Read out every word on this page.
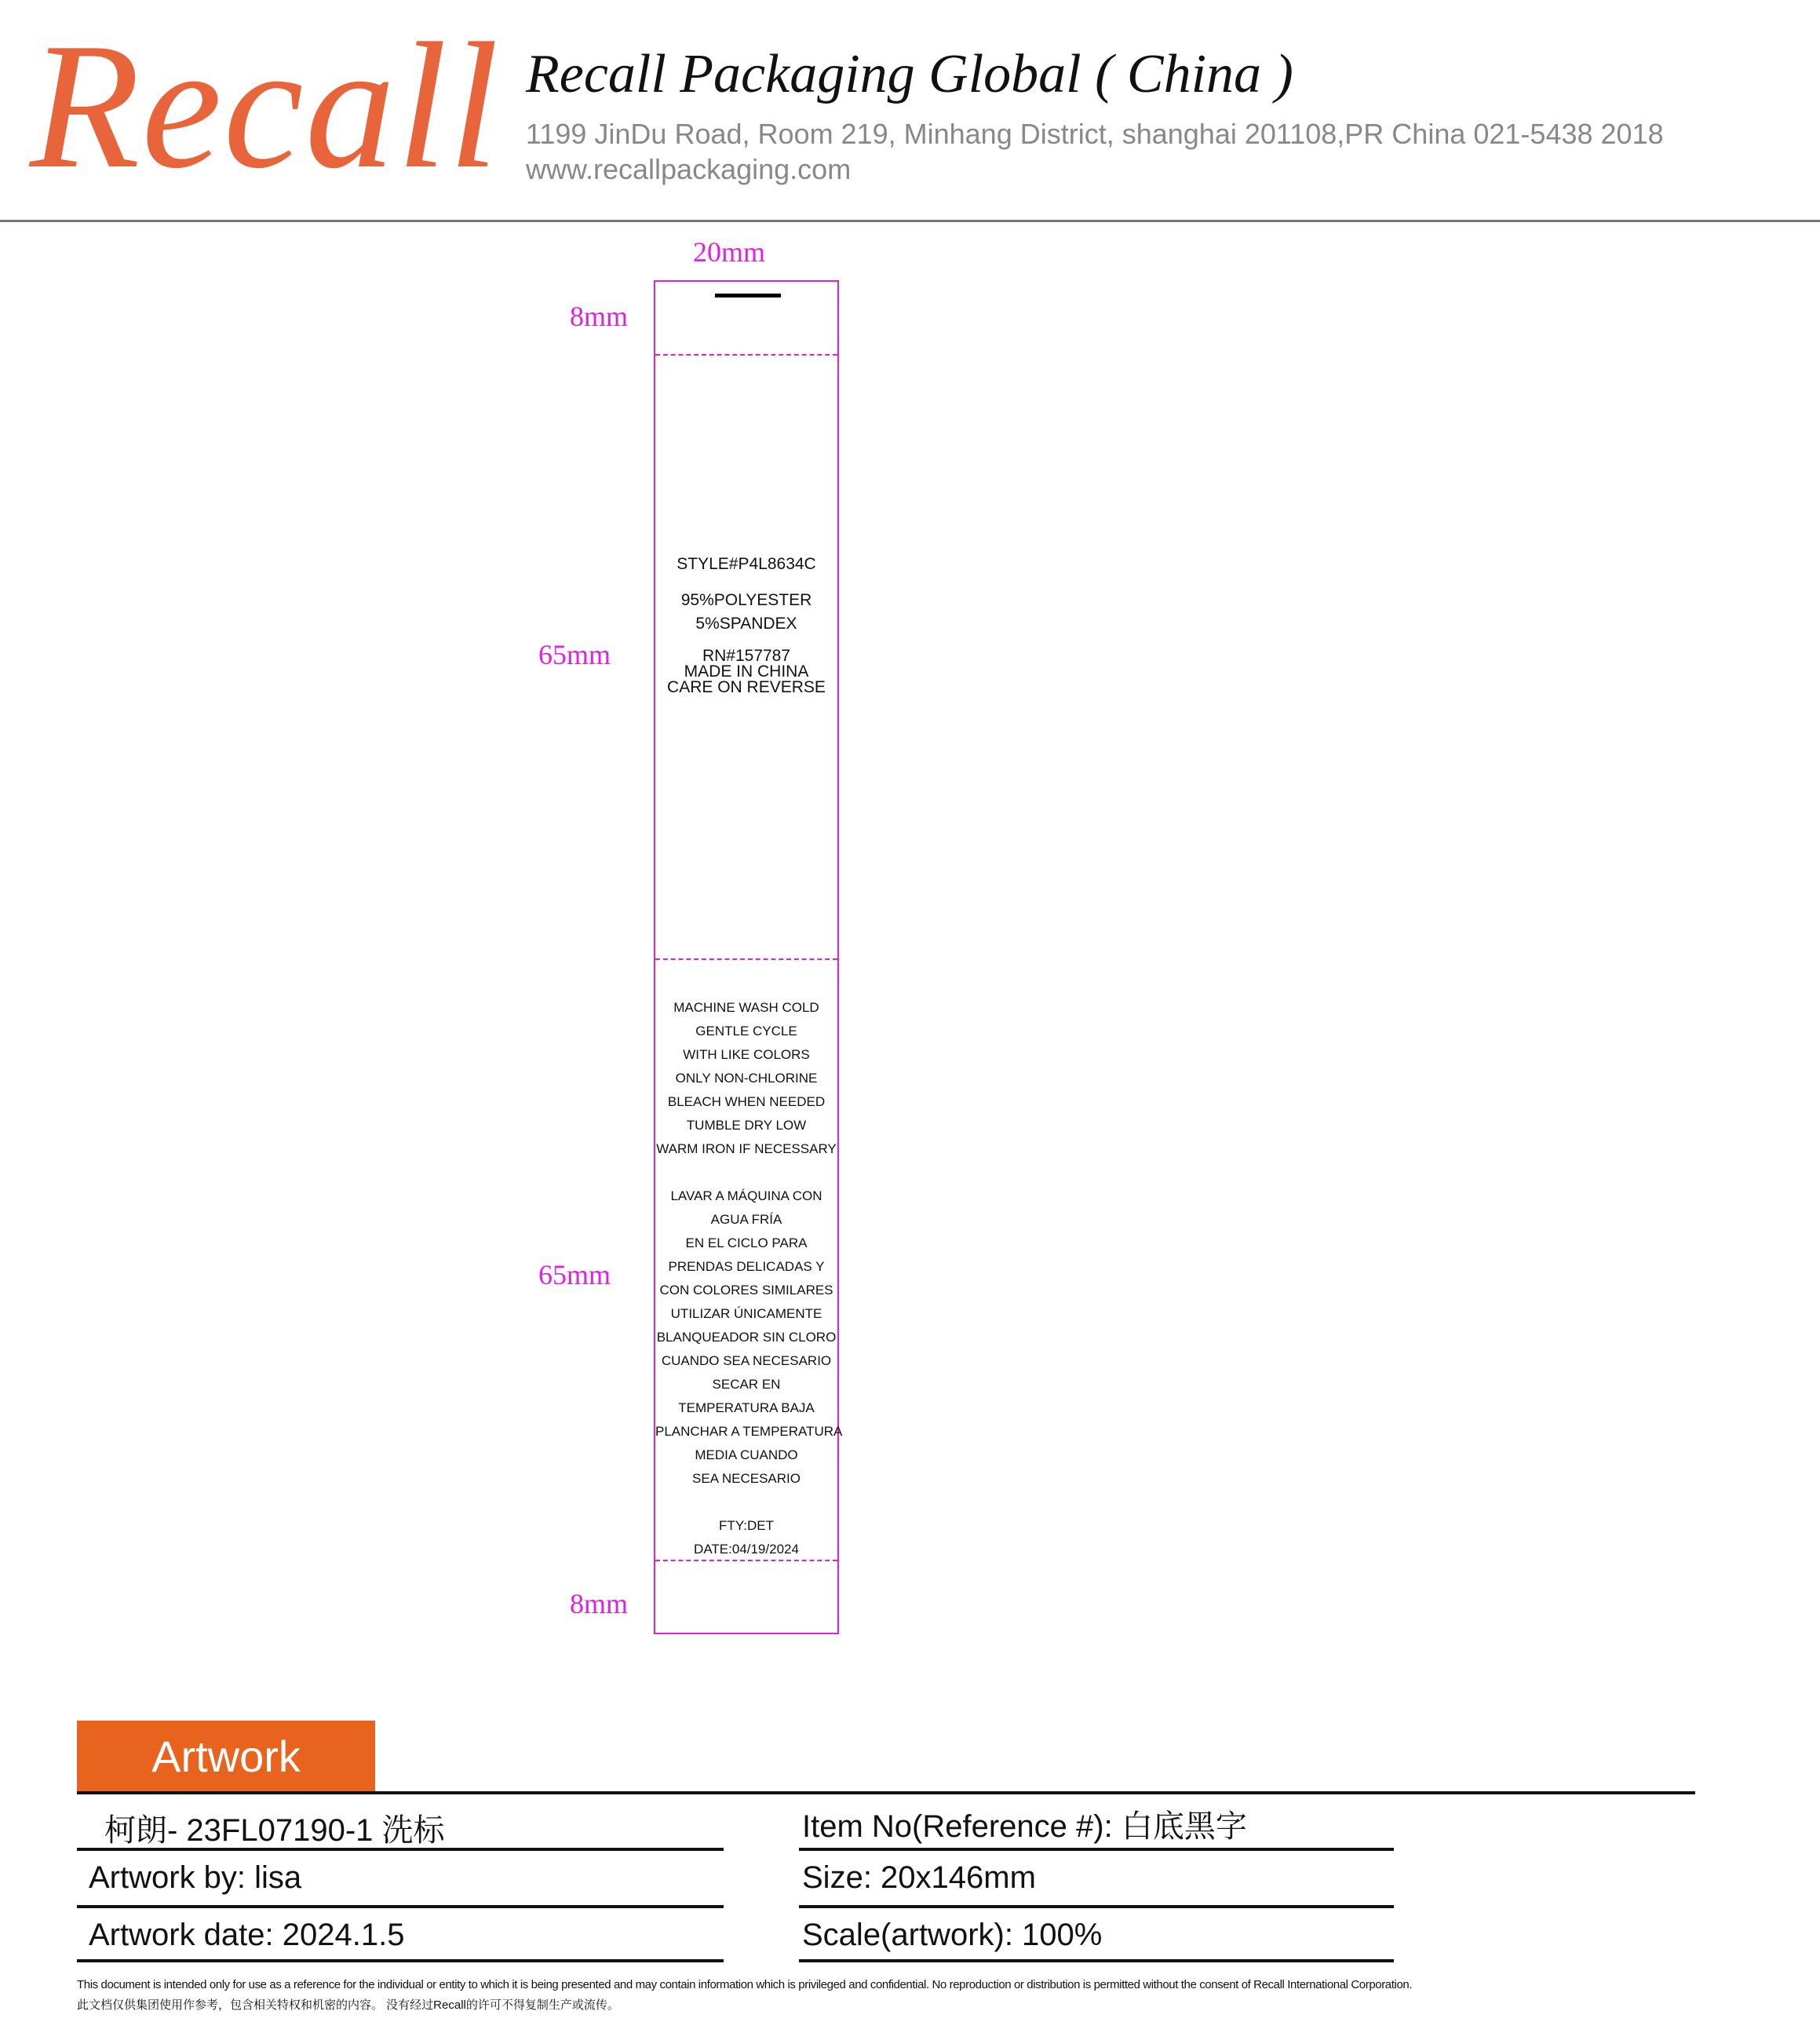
Recall Recall Packaging Global ( China )
1199 JinDu Road, Room 219, Minhang District, shanghai 201108,PR China 021-5438 2018
www.recallpackaging.com
20mm
8mm
65mm
65mm
8mm
STYLE#P4L8634C
95%POLYESTER
5%SPANDEX
RN#157787
MADE IN CHINA
CARE ON REVERSE
MACHINE WASH COLD
GENTLE CYCLE
WITH LIKE COLORS
ONLY NON-CHLORINE
BLEACH WHEN NEEDED
TUMBLE DRY LOW
WARM IRON IF NECESSARY
LAVAR A MÁQUINA CON
AGUA FRÍA
EN EL CICLO PARA
PRENDAS DELICADAS Y
CON COLORES SIMILARES
UTILIZAR ÚNICAMENTE
BLANQUEADOR SIN CLORO
CUANDO SEA NECESARIO
SECAR EN
TEMPERATURA BAJA
PLANCHAR A TEMPERATURA
MEDIA CUANDO
SEA NECESARIO
FTY:DET
DATE:04/19/2024
Artwork
柯朗- 23FL07190-1 洗标
Artwork by: lisa
Artwork date: 2024.1.5
Item No(Reference #): 白底黑字
Size: 20x146mm
Scale(artwork): 100%
This document is intended only for use as a reference for the individual or entity to which it is being presented and may contain information which is privileged and confidential. No reproduction or distribution is permitted without the consent of Recall International Corporation.
此文档仅供集团使用作参考，包含相关特权和机密的内容。 没有经过Recall的许可不得复制生产或流传。
